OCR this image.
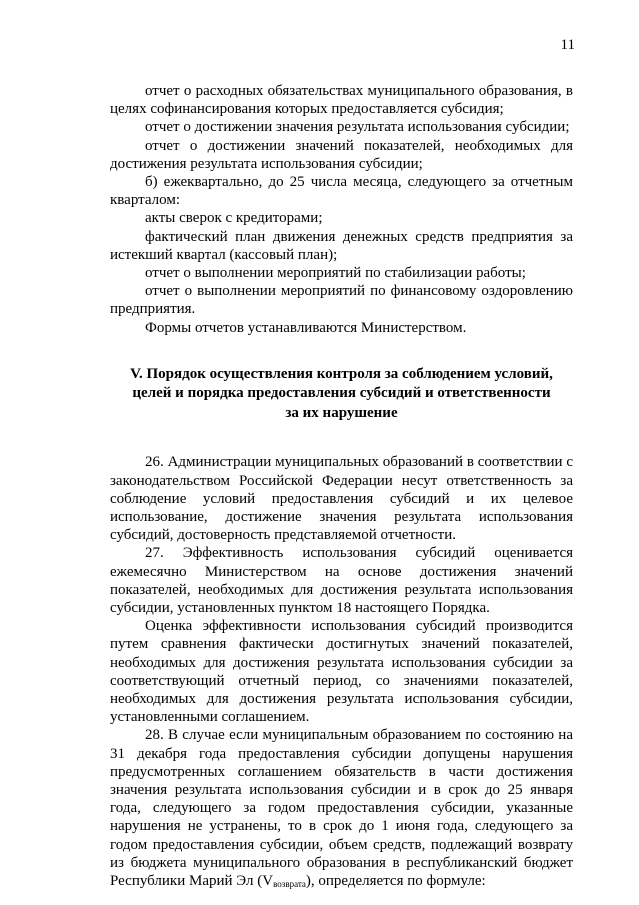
11

отчет о расходных обязательствах муниципального образования, в целях софинансирования которых предоставляется субсидия;

отчет о достижении значения результата использования субсидии;

отчет о достижении значений показателей, необходимых для достижения результата использования субсидии;

б) ежеквартально, до 25 числа месяца, следующего за отчетным кварталом:

акты сверок с кредиторами;

фактический план движения денежных средств предприятия за истекший квартал (кассовый план);

отчет о выполнении мероприятий по стабилизации работы;

отчет о выполнении мероприятий по финансовому оздоровлению предприятия.

Формы отчетов устанавливаются Министерством.

V. Порядок осуществления контроля за соблюдением условий,
целей и порядка предоставления субсидий и ответственности
за их нарушение

26. Администрации муниципальных образований в соответствии с законодательством Российской Федерации несут ответственность за соблюдение условий предоставления субсидий и их целевое использование, достижение значения результата использования субсидий, достоверность представляемой отчетности.

27. Эффективность использования субсидий оценивается ежемесячно Министерством на основе достижения значений показателей, необходимых для достижения результата использования субсидии, установленных пунктом 18 настоящего Порядка.

Оценка эффективности использования субсидий производится путем сравнения фактически достигнутых значений показателей, необходимых для достижения результата использования субсидии за соответствующий отчетный период, со значениями показателей, необходимых для достижения результата использования субсидии, установленными соглашением.

28. В случае если муниципальным образованием по состоянию на 31 декабря года предоставления субсидии допущены нарушения предусмотренных соглашением обязательств в части достижения значения результата использования субсидии и в срок до 25 января года, следующего за годом предоставления субсидии, указанные нарушения не устранены, то в срок до 1 июня года, следующего за годом предоставления субсидии, объем средств, подлежащий возврату из бюджета муниципального образования в республиканский бюджет Республики Марий Эл $(V_{возврата})$, определяется по формуле:
